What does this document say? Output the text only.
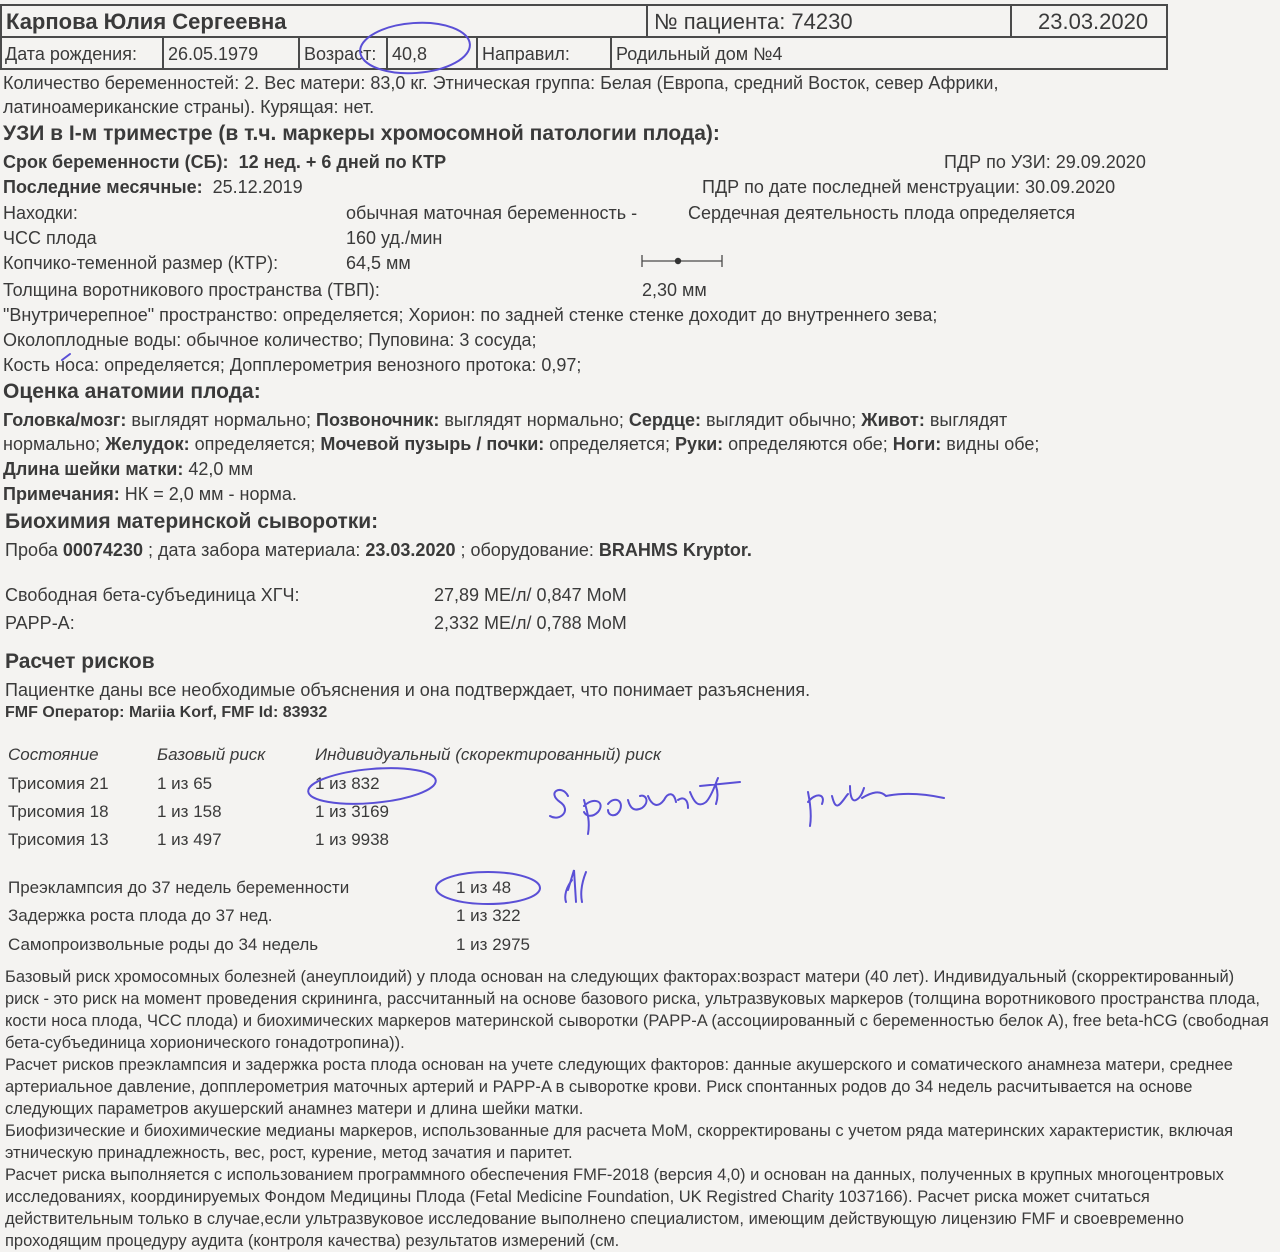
Карпова Юлия Сергеевна	№ пациента: 74230	23.03.2020
Дата рождения: 26.05.1979	Возраст: 40,8	Направил:	Родильный дом №4
Количество беременностей: 2. Вес матери: 83,0 кг. Этническая группа: Белая (Европа, средний Восток, север Африки,
латиноамериканские страны). Курящая: нет.
УЗИ в I-м триместре (в т.ч. маркеры хромосомной патологии плода):
Срок беременности (СБ): 12 нед. + 6 дней по КТР	ПДР по УЗИ: 29.09.2020
Последние месячные: 25.12.2019	ПДР по дате последней менструации: 30.09.2020
Находки:	обычная маточная беременность -	Сердечная деятельность плода определяется
ЧСС плода	160 уд./мин
Копчико-теменной размер (КТР):	64,5 мм
Толщина воротникового пространства (ТВП):	2,30 мм
"Внутричерепное" пространство: определяется; Хорион: по задней стенке стенке доходит до внутреннего зева;
Околоплодные воды: обычное количество; Пуповина: 3 сосуда;
Кость носа: определяется; Допплерометрия венозного протока: 0,97;
Оценка анатомии плода:
Головка/мозг: выглядят нормально; Позвоночник: выглядят нормально; Сердце: выглядит обычно; Живот: выглядят
нормально; Желудок: определяется; Мочевой пузырь / почки: определяется; Руки: определяются обе; Ноги: видны обе;
Длина шейки матки: 42,0 мм
Примечания: НК = 2,0 мм - норма.
Биохимия материнской сыворотки:
Проба 00074230 ; дата забора материала: 23.03.2020 ; оборудование: BRAHMS Kryptor.
Свободная бета-субъединица ХГЧ:	27,89 МЕ/л/ 0,847 МоМ
PAPP-A:	2,332 МЕ/л/ 0,788 МоМ
Расчет рисков
Пациентке даны все необходимые объяснения и она подтверждает, что понимает разъяснения.
FMF Оператор: Mariia Korf, FMF Id: 83932
Состояние	Базовый риск	Индивидуальный (скоректированный) риск
Трисомия 21	1 из 65	1 из 832
Трисомия 18	1 из 158	1 из 3169
Трисомия 13	1 из 497	1 из 9938
Преэклампсия до 37 недель беременности	1 из 48
Задержка роста плода до 37 нед.	1 из 322
Самопроизвольные роды до 34 недель	1 из 2975
Базовый риск хромосомных болезней (анеуплоидий) у плода основан на следующих факторах:возраст матери (40 лет). Индивидуальный (скорректированный) риск - это риск на момент проведения скрининга, рассчитанный на основе базового риска, ультразвуковых маркеров (толщина воротникового пространства плода, кости носа плода, ЧСС плода) и биохимических маркеров материнской сыворотки (PAPP-A (ассоциированный с беременностью белок А), free beta-hCG (свободная бета-субъединица хорионического гонадотропина)).
Расчет рисков преэклампсия и задержка роста плода основан на учете следующих факторов: данные акушерского и соматического анамнеза матери, среднее артериальное давление, допплерометрия маточных артерий и PAPP-A в сыворотке крови. Риск спонтанных родов до 34 недель расчитывается на основе следующих параметров акушерский анамнез матери и длина шейки матки.
Биофизические и биохимические медианы маркеров, использованные для расчета МоМ, скорректированы с учетом ряда материнских характеристик, включая этническую принадлежность, вес, рост, курение, метод зачатия и паритет.
Расчет риска выполняется с использованием программного обеспечения FMF-2018 (версия 4,0) и основан на данных, полученных в крупных многоцентровых исследованиях, координируемых Фондом Медицины Плода (Fetal Medicine Foundation, UK Registred Charity 1037166). Расчет риска может считаться действительным только в случае,если ультразвуковое исследование выполнено специалистом, имеющим действующую лицензию FMF и своевременно проходящим процедуру аудита (контроля качества) результатов измерений (см.
